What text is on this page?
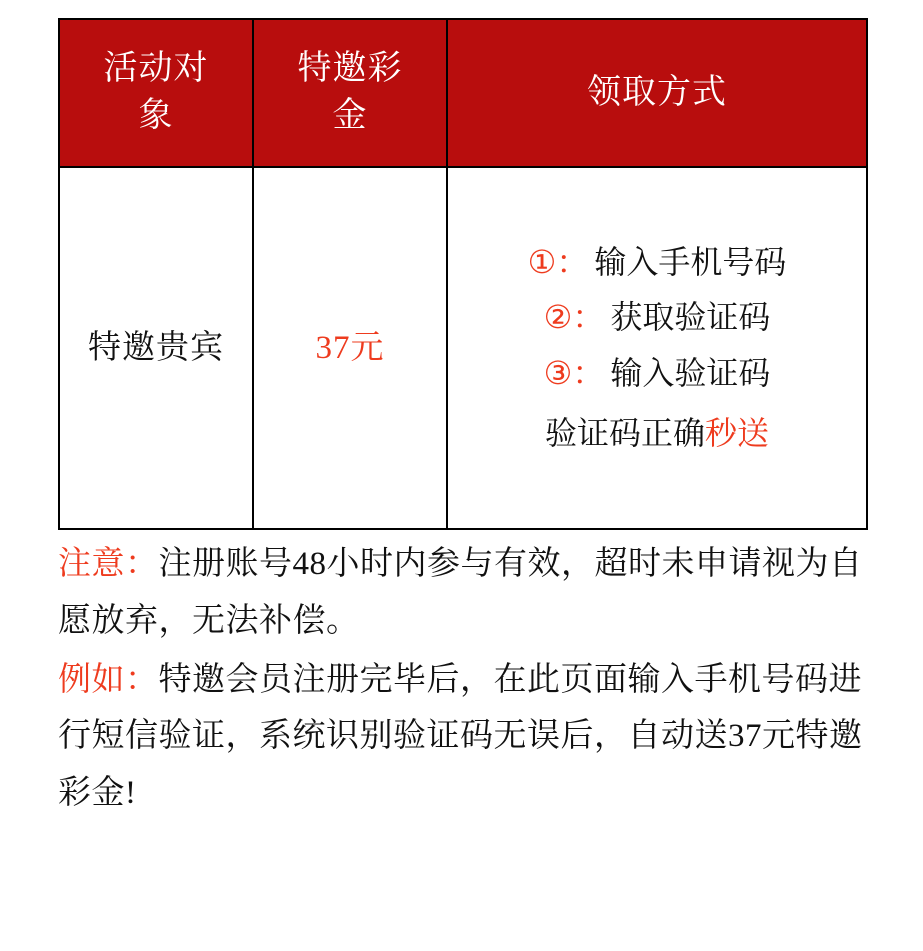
活动对象	特邀彩金	领取方式

特邀贵宾	37元	①： 输入手机号码
②： 获取验证码
③： 输入验证码
验证码正确秒送
注意：注册账号48小时内参与有效，超时未申请视为自愿放弃，无法补偿。
例如：特邀会员注册完毕后，在此页面输入手机号码进行短信验证，系统识别验证码无误后，自动送37元特邀彩金!
